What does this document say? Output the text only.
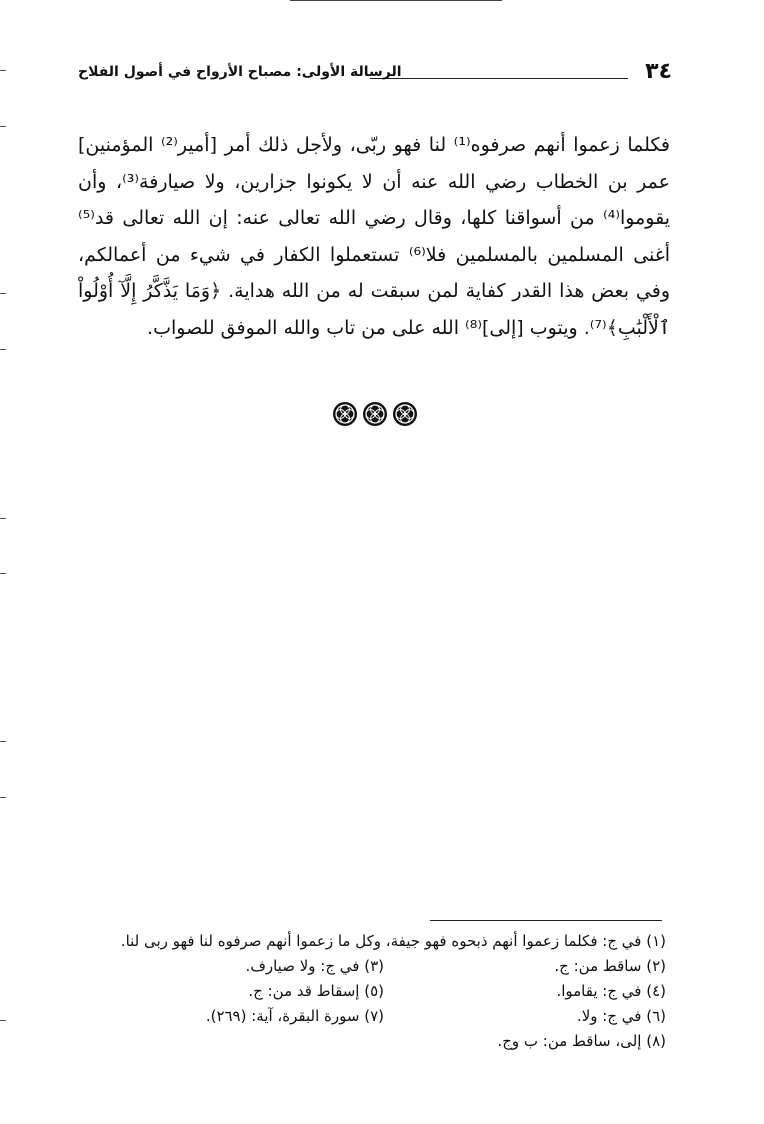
٣٤
الرسالة الأولى: مصباح الأرواح في أصول الفلاح

فكلما زعموا أنهم صرفوه⁽¹⁾ لنا فهو ربّى، ولأجل ذلك أمر [أمير⁽²⁾ المؤمنين] عمر بن الخطاب رضي الله عنه أن لا يكونوا جزارين، ولا صيارفة⁽³⁾، وأن يقوموا⁽⁴⁾ من أسواقنا كلها، وقال رضي الله تعالى عنه: إن الله تعالى قد⁽⁵⁾ أغنى المسلمين بالمسلمين فلا⁽⁶⁾ تستعملوا الكفار في شيء من أعمالكم، وفي بعض هذا القدر كفاية لمن سبقت له من الله هداية. ﴿وَمَا يَذَّكَّرُ إِلَّآ أُوْلُواْ ٱلْأَلْبَٰبِ﴾⁽⁷⁾. ويتوب [إلى]⁽⁸⁾ الله على من تاب والله الموفق للصواب.

(١) في ج: فكلما زعموا أنهم ذبحوه فهو جيفة، وكل ما زعموا أنهم صرفوه لنا فهو ربى لنا.
(٢) ساقط من: ج.
(٣) في ج: ولا صيارف.
(٤) في ج: يقاموا.
(٥) إسقاط قد من: ج.
(٦) في ج: ولا.
(٧) سورة البقرة، آية: (٢٦٩).
(٨) إلى، ساقط من: ب وج.
